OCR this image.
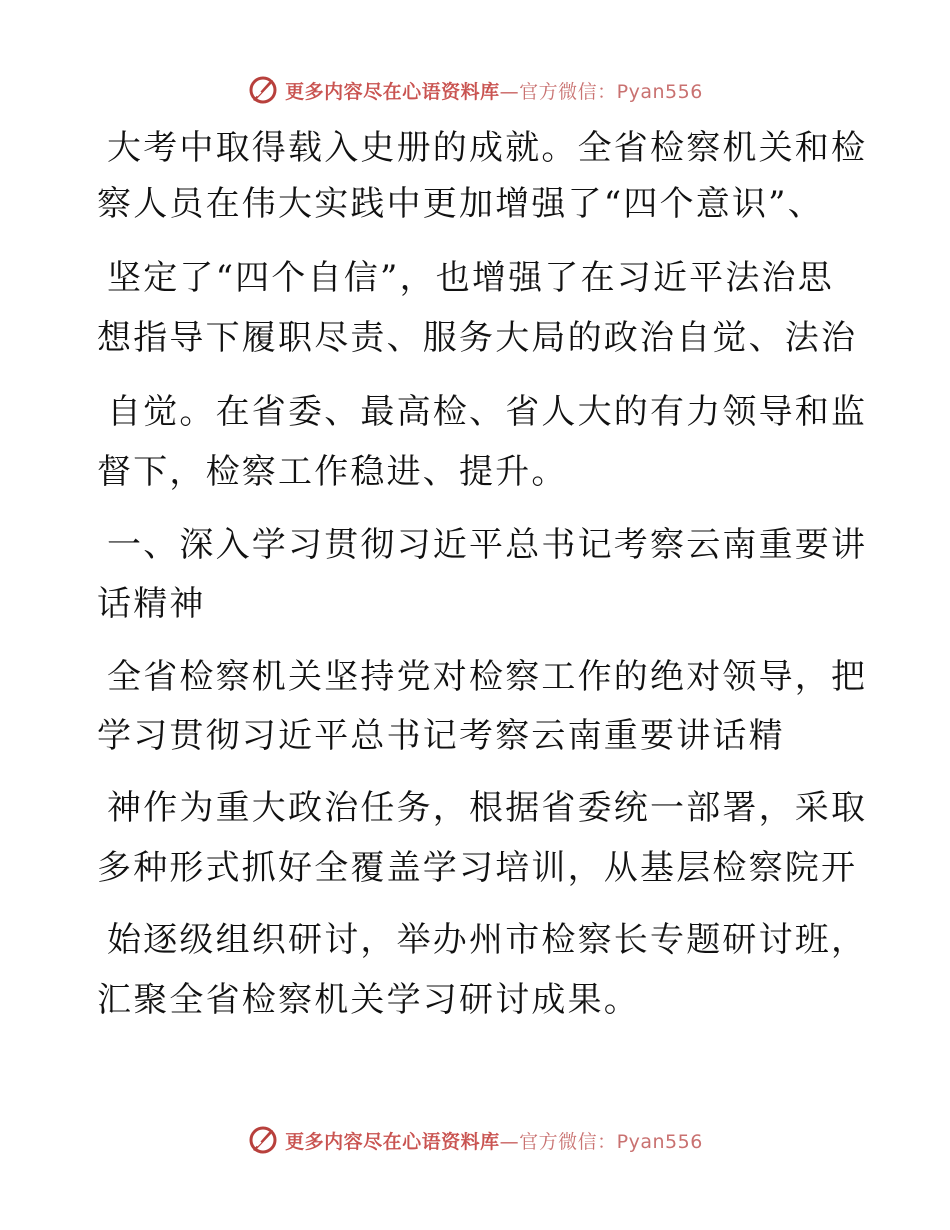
更多内容尽在心语资料库—官方微信：Pyan556
大考中取得载入史册的成就。全省检察机关和检
察人员在伟大实践中更加增强了“四个意识”、
坚定了“四个自信”，也增强了在习近平法治思
想指导下履职尽责、服务大局的政治自觉、法治
自觉。在省委、最高检、省人大的有力领导和监
督下，检察工作稳进、提升。
一、深入学习贯彻习近平总书记考察云南重要讲
话精神
全省检察机关坚持党对检察工作的绝对领导，把
学习贯彻习近平总书记考察云南重要讲话精
神作为重大政治任务，根据省委统一部署，采取
多种形式抓好全覆盖学习培训，从基层检察院开
始逐级组织研讨，举办州市检察长专题研讨班，
汇聚全省检察机关学习研讨成果。
更多内容尽在心语资料库—官方微信：Pyan556
